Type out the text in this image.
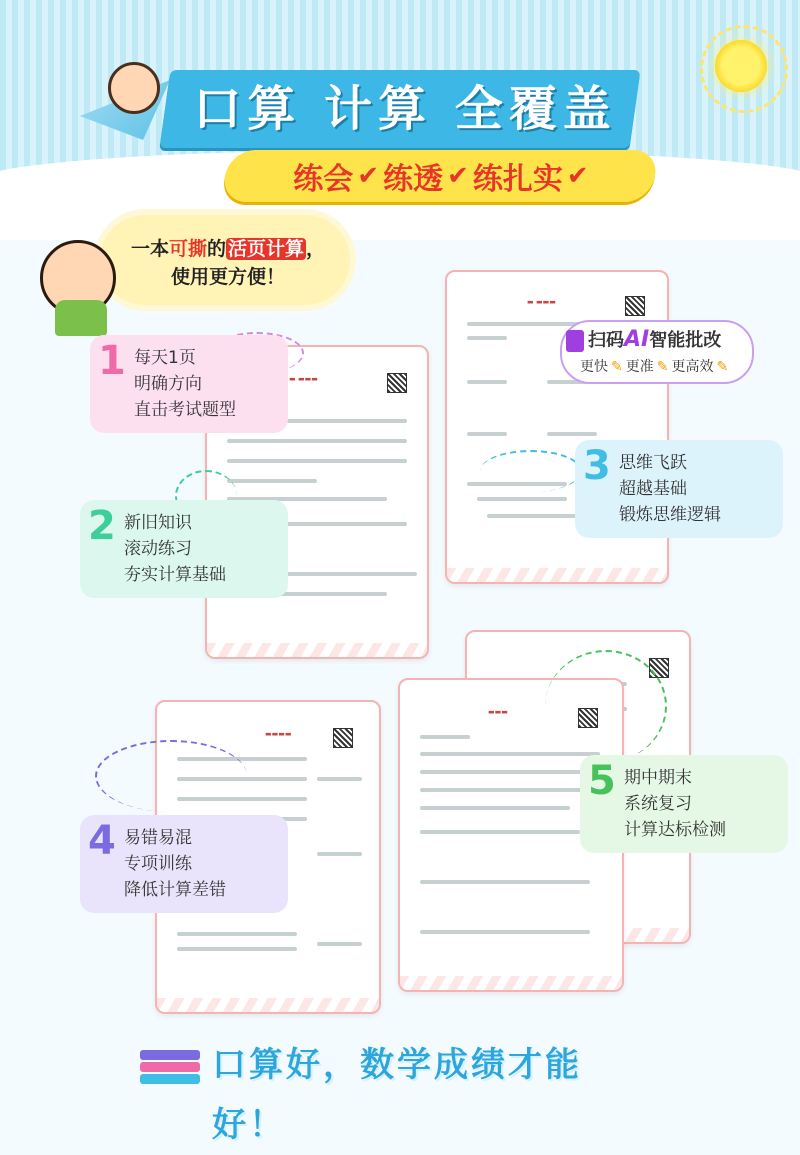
口算 计算 全覆盖
练会 ✔ 练透 ✔ 练扎实 ✔
一本可撕的 活页计算 ，
使用更方便！
▬ ▬▬▬
▬ ▬▬▬
▬▬▬
▬▬▬▬
扫码AI智能批改
更快 ✎ 更准 ✎ 更高效 ✎
1 每天1页
明确方向
直击考试题型
2 新旧知识
滚动练习
夯实计算基础
3 思维飞跃
超越基础
锻炼思维逻辑
4 易错易混
专项训练
降低计算差错
5 期中期末
系统复习
计算达标检测
口算好，数学成绩才能好！
